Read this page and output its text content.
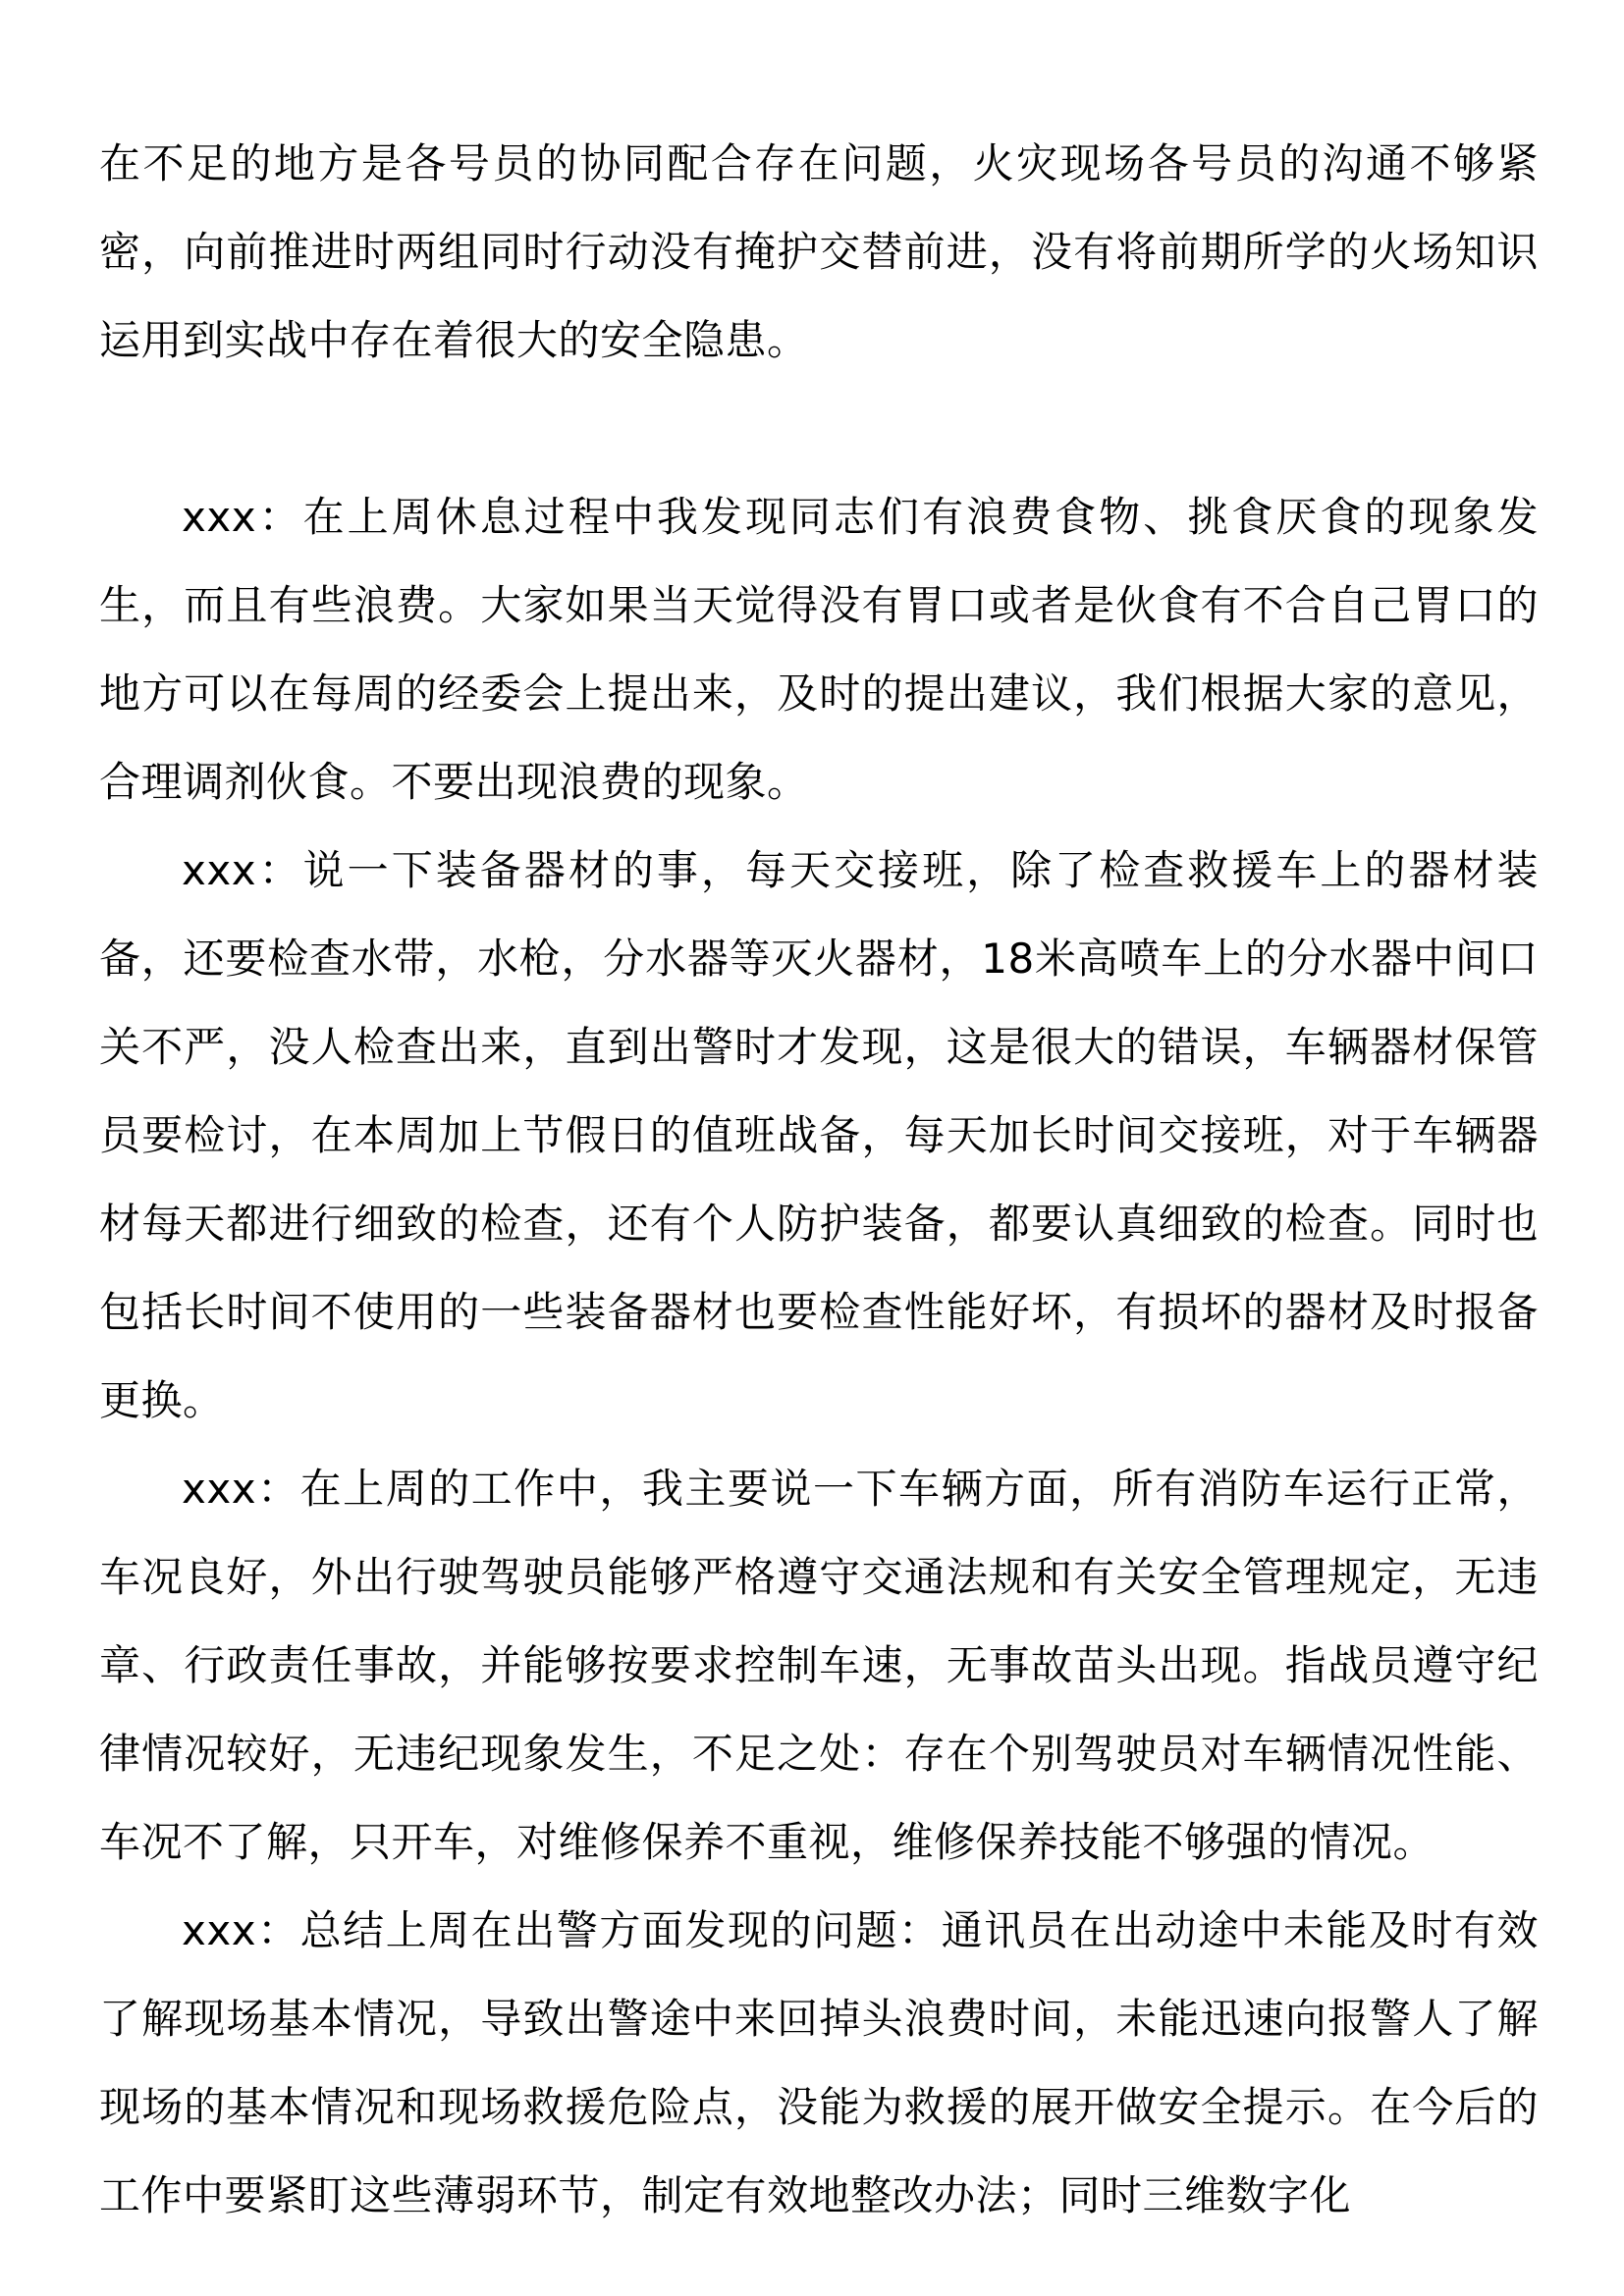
在不足的地方是各号员的协同配合存在问题，火灾现场各号员的沟通不够紧密，向前推进时两组同时行动没有掩护交替前进，没有将前期所学的火场知识运用到实战中存在着很大的安全隐患。

xxx：在上周休息过程中我发现同志们有浪费食物、挑食厌食的现象发生，而且有些浪费。大家如果当天觉得没有胃口或者是伙食有不合自己胃口的地方可以在每周的经委会上提出来，及时的提出建议，我们根据大家的意见，合理调剂伙食。不要出现浪费的现象。

xxx：说一下装备器材的事，每天交接班，除了检查救援车上的器材装备，还要检查水带，水枪，分水器等灭火器材，18米高喷车上的分水器中间口关不严，没人检查出来，直到出警时才发现，这是很大的错误，车辆器材保管员要检讨，在本周加上节假日的值班战备，每天加长时间交接班，对于车辆器材每天都进行细致的检查，还有个人防护装备，都要认真细致的检查。同时也包括长时间不使用的一些装备器材也要检查性能好坏，有损坏的器材及时报备更换。

xxx：在上周的工作中，我主要说一下车辆方面，所有消防车运行正常，车况良好，外出行驶驾驶员能够严格遵守交通法规和有关安全管理规定，无违章、行政责任事故，并能够按要求控制车速，无事故苗头出现。指战员遵守纪律情况较好，无违纪现象发生，不足之处：存在个别驾驶员对车辆情况性能、车况不了解，只开车，对维修保养不重视，维修保养技能不够强的情况。

xxx：总结上周在出警方面发现的问题：通讯员在出动途中未能及时有效了解现场基本情况，导致出警途中来回掉头浪费时间，未能迅速向报警人了解现场的基本情况和现场救援危险点，没能为救援的展开做安全提示。在今后的工作中要紧盯这些薄弱环节，制定有效地整改办法；同时三维数字化
